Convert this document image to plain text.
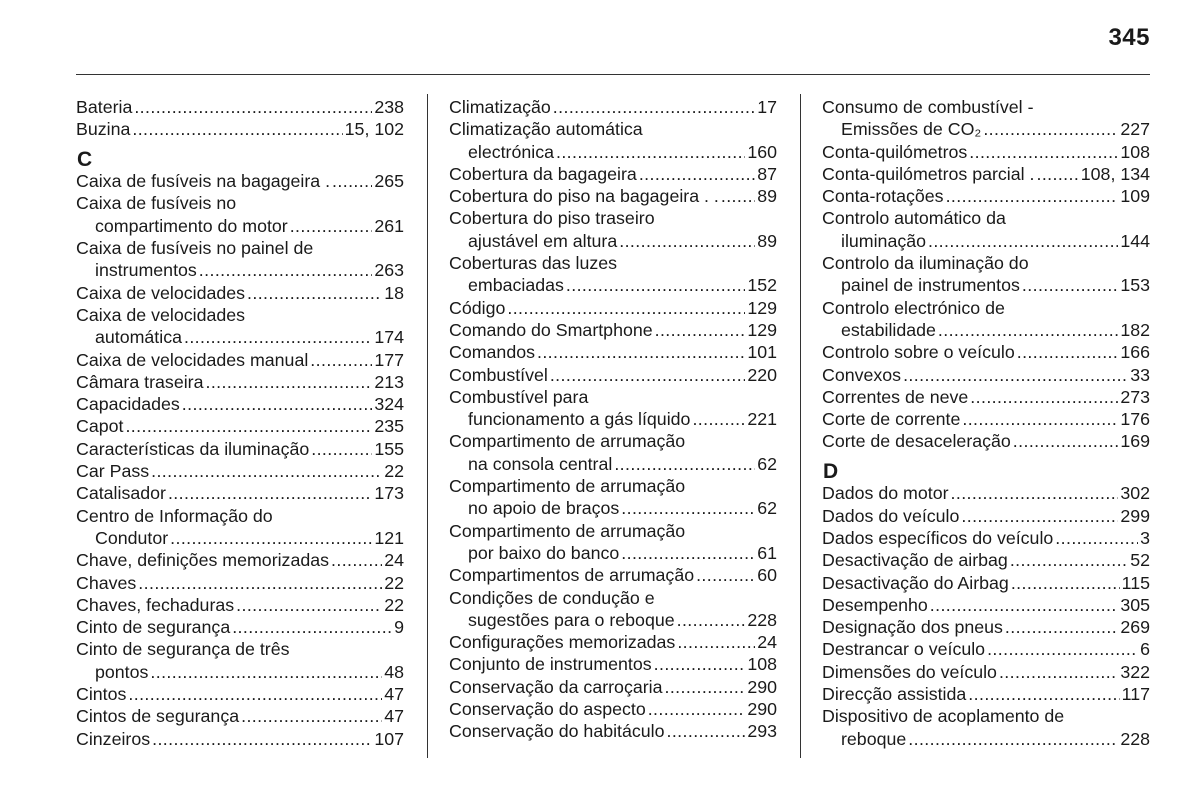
345
Bateria .....	238
Buzina .....	15, 102
C
Caixa de fusíveis na bagageira . ..... 265
Caixa de fusíveis no
compartimento do motor .....	261
Caixa de fusíveis no painel de
instrumentos .....	263
Caixa de velocidades .....	18
Caixa de velocidades
automática .....	174
Caixa de velocidades manual .....	177
Câmara traseira .....	213
Capacidades .....	324
Capot .....	235
Características da iluminação .....	155
Car Pass .....	22
Catalisador .....	173
Centro de Informação do
Condutor .....	121
Chave, definições memorizadas .....	24
Chaves .....	22
Chaves, fechaduras .....	22
Cinto de segurança .....	9
Cinto de segurança de três
pontos .....	48
Cintos .....	47
Cintos de segurança .....	47
Cinzeiros .....	107
Climatização .....	17
Climatização automática
electrónica .....	160
Cobertura da bagageira .....	87
Cobertura do piso na bagageira . . ..... 89
Cobertura do piso traseiro
ajustável em altura .....	89
Coberturas das luzes
embaciadas .....	152
Código .....	129
Comando do Smartphone .....	129
Comandos .....	101
Combustível .....	220
Combustível para
funcionamento a gás líquido .....	221
Compartimento de arrumação
na consola central .....	62
Compartimento de arrumação
no apoio de braços .....	62
Compartimento de arrumação
por baixo do banco .....	61
Compartimentos de arrumação .....	60
Condições de condução e
sugestões para o reboque .....	228
Configurações memorizadas .....	24
Conjunto de instrumentos .....	108
Conservação da carroçaria .....	290
Conservação do aspecto .....	290
Conservação do habitáculo .....	293
Consumo de combustível -
Emissões de CO₂ .....	227
Conta-quilómetros .....	108
Conta-quilómetros parcial . .....	108, 134
Conta-rotações .....	109
Controlo automático da
iluminação .....	144
Controlo da iluminação do
painel de instrumentos .....	153
Controlo electrónico de
estabilidade .....	182
Controlo sobre o veículo .....	166
Convexos .....	33
Correntes de neve .....	273
Corte de corrente .....	176
Corte de desaceleração .....	169
D
Dados do motor .....	302
Dados do veículo .....	299
Dados específicos do veículo .....	3
Desactivação de airbag .....	52
Desactivação do Airbag .....	115
Desempenho .....	305
Designação dos pneus .....	269
Destrancar o veículo .....	6
Dimensões do veículo .....	322
Direcção assistida .....	117
Dispositivo de acoplamento de
reboque .....	228
